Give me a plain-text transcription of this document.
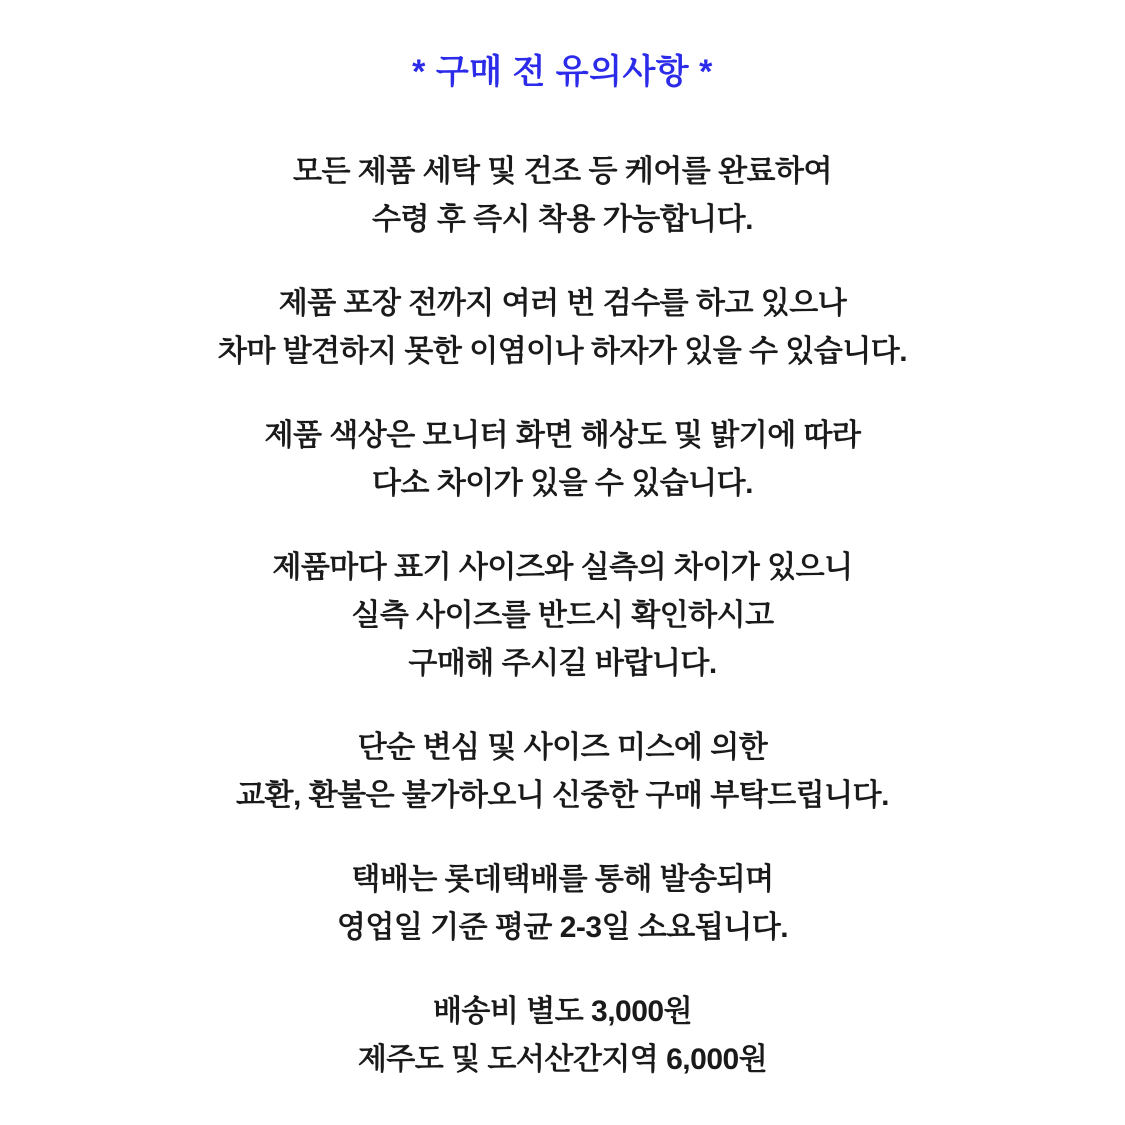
* 구매 전 유의사항 *
모든 제품 세탁 및 건조 등 케어를 완료하여
수령 후 즉시 착용 가능합니다.
제품 포장 전까지 여러 번 검수를 하고 있으나
차마 발견하지 못한 이염이나 하자가 있을 수 있습니다.
제품 색상은 모니터 화면 해상도 및 밝기에 따라
다소 차이가 있을 수 있습니다.
제품마다 표기 사이즈와 실측의 차이가 있으니
실측 사이즈를 반드시 확인하시고
구매해 주시길 바랍니다.
단순 변심 및 사이즈 미스에 의한
교환, 환불은 불가하오니 신중한 구매 부탁드립니다.
택배는 롯데택배를 통해 발송되며
영업일 기준 평균 2-3일 소요됩니다.
배송비 별도 3,000원
제주도 및 도서산간지역 6,000원
